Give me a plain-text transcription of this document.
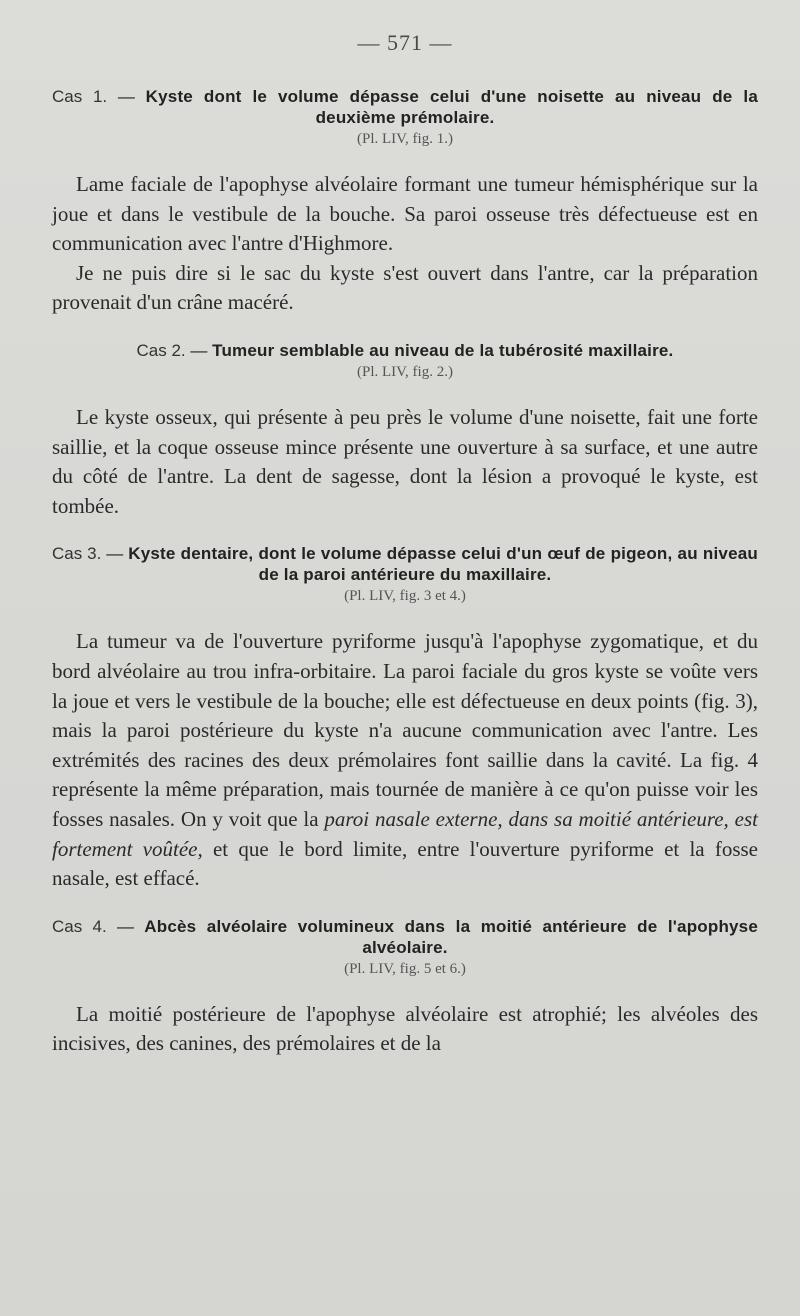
— 571 —

Cas 1. — Kyste dont le volume dépasse celui d'une noisette au niveau de la deuxième prémolaire.

(Pl. LIV, fig. 1.)

Lame faciale de l'apophyse alvéolaire formant une tumeur hémisphérique sur la joue et dans le vestibule de la bouche. Sa paroi osseuse très défectueuse est en communication avec l'antre d'Highmore.

Je ne puis dire si le sac du kyste s'est ouvert dans l'antre, car la préparation provenait d'un crâne macéré.

Cas 2. — Tumeur semblable au niveau de la tubérosité maxillaire.

(Pl. LIV, fig. 2.)

Le kyste osseux, qui présente à peu près le volume d'une noisette, fait une forte saillie, et la coque osseuse mince présente une ouverture à sa surface, et une autre du côté de l'antre. La dent de sagesse, dont la lésion a provoqué le kyste, est tombée.

Cas 3. — Kyste dentaire, dont le volume dépasse celui d'un œuf de pigeon, au niveau de la paroi antérieure du maxillaire.

(Pl. LIV, fig. 3 et 4.)

La tumeur va de l'ouverture pyriforme jusqu'à l'apophyse zygomatique, et du bord alvéolaire au trou infra-orbitaire. La paroi faciale du gros kyste se voûte vers la joue et vers le vestibule de la bouche; elle est défectueuse en deux points (fig. 3), mais la paroi postérieure du kyste n'a aucune communication avec l'antre. Les extrémités des racines des deux prémolaires font saillie dans la cavité. La fig. 4 représente la même préparation, mais tournée de manière à ce qu'on puisse voir les fosses nasales. On y voit que la paroi nasale externe, dans sa moitié antérieure, est fortement voûtée, et que le bord limite, entre l'ouverture pyriforme et la fosse nasale, est effacé.

Cas 4. — Abcès alvéolaire volumineux dans la moitié antérieure de l'apophyse alvéolaire.

(Pl. LIV, fig. 5 et 6.)

La moitié postérieure de l'apophyse alvéolaire est atrophié; les alvéoles des incisives, des canines, des prémolaires et de la
